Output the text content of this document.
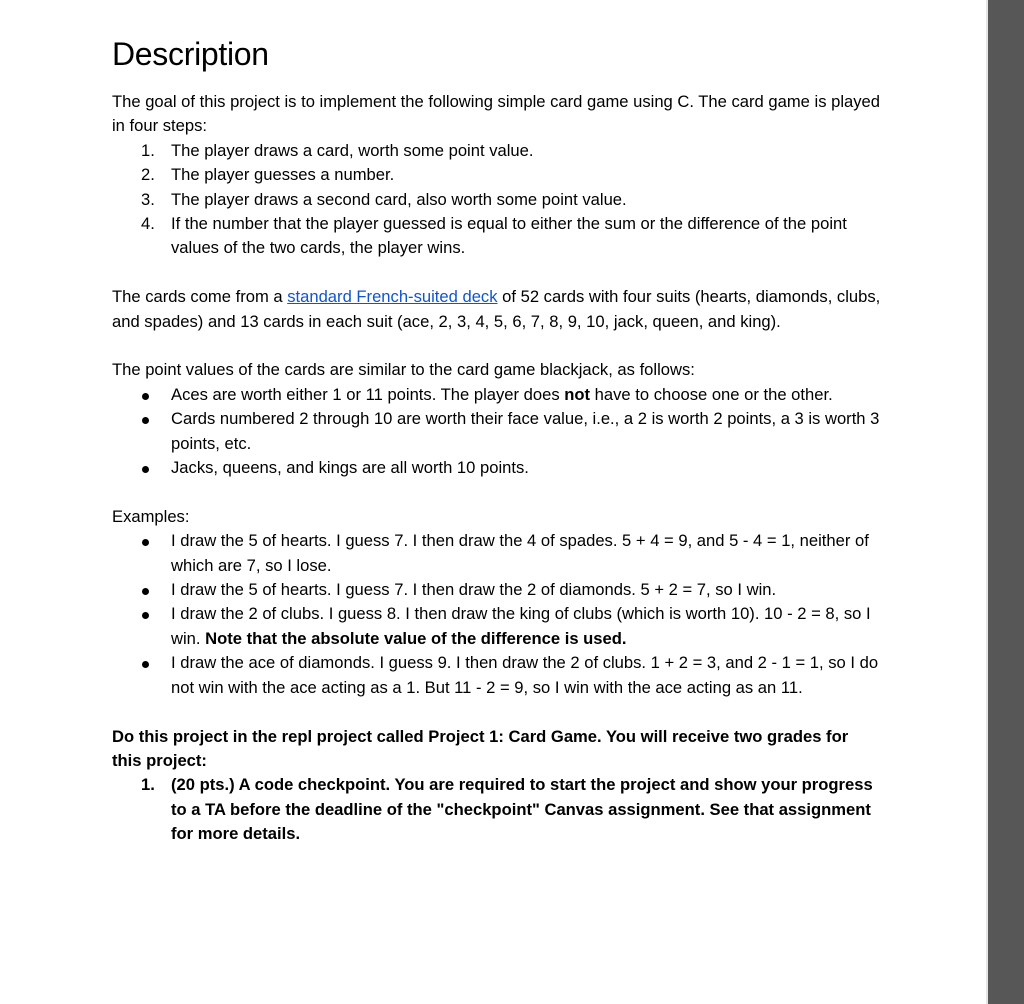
Description

The goal of this project is to implement the following simple card game using C. The card game is played in four steps:

1. The player draws a card, worth some point value.
2. The player guesses a number.
3. The player draws a second card, also worth some point value.
4. If the number that the player guessed is equal to either the sum or the difference of the point values of the two cards, the player wins.

The cards come from a standard French-suited deck of 52 cards with four suits (hearts, diamonds, clubs, and spades) and 13 cards in each suit (ace, 2, 3, 4, 5, 6, 7, 8, 9, 10, jack, queen, and king).

The point values of the cards are similar to the card game blackjack, as follows:

Aces are worth either 1 or 11 points. The player does not have to choose one or the other.
Cards numbered 2 through 10 are worth their face value, i.e., a 2 is worth 2 points, a 3 is worth 3 points, etc.
Jacks, queens, and kings are all worth 10 points.

Examples:

I draw the 5 of hearts. I guess 7. I then draw the 4 of spades. 5 + 4 = 9, and 5 - 4 = 1, neither of which are 7, so I lose.
I draw the 5 of hearts. I guess 7. I then draw the 2 of diamonds. 5 + 2 = 7, so I win.
I draw the 2 of clubs. I guess 8. I then draw the king of clubs (which is worth 10). 10 - 2 = 8, so I win. Note that the absolute value of the difference is used.
I draw the ace of diamonds. I guess 9. I then draw the 2 of clubs. 1 + 2 = 3, and 2 - 1 = 1, so I do not win with the ace acting as a 1. But 11 - 2 = 9, so I win with the ace acting as an 11.

Do this project in the repl project called Project 1: Card Game. You will receive two grades for this project:

1. (20 pts.) A code checkpoint. You are required to start the project and show your progress to a TA before the deadline of the "checkpoint" Canvas assignment. See that assignment for more details.
